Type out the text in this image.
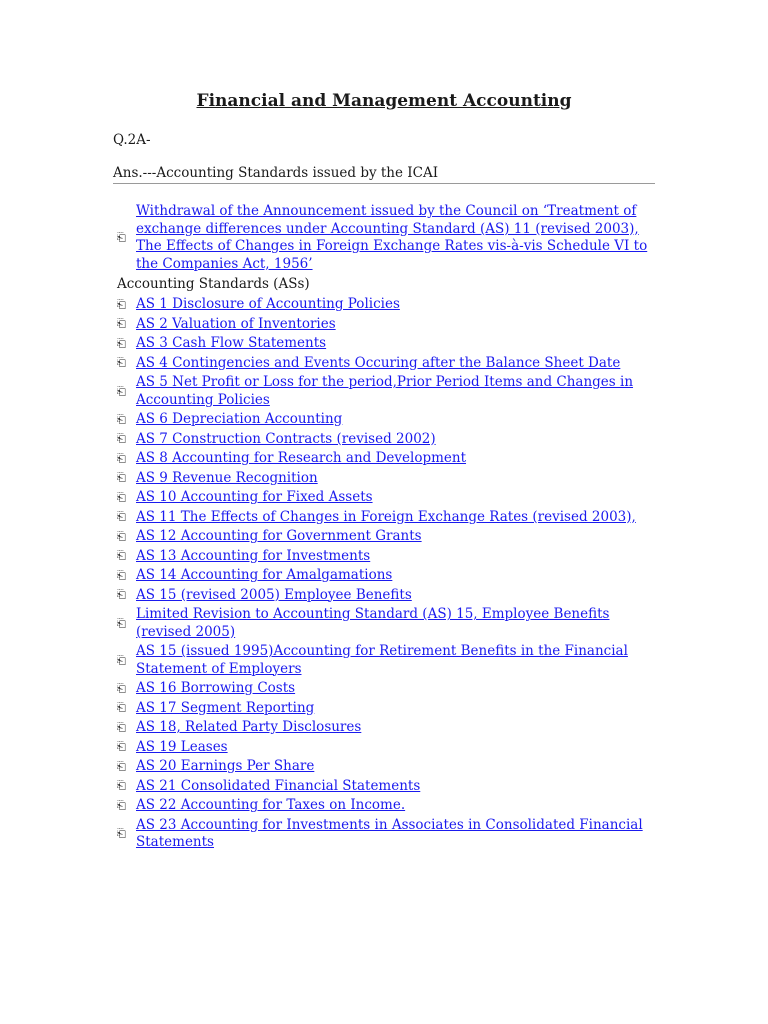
Financial and Management Accounting
Q.2A-
Ans.---Accounting Standards issued by the ICAI
⎗
Withdrawal of the Announcement issued by the Council on ‘Treatment of exchange differences under Accounting Standard (AS) 11 (revised 2003), The Effects of Changes in Foreign Exchange Rates vis-à-vis Schedule VI to the Companies Act, 1956’
Accounting Standards (ASs)
⎗ AS 1 Disclosure of Accounting Policies
⎗ AS 2 Valuation of Inventories
⎗ AS 3 Cash Flow Statements
⎗ AS 4 Contingencies and Events Occuring after the Balance Sheet Date
⎗
AS 5 Net Profit or Loss for the period,Prior Period Items and Changes in Accounting Policies
⎗ AS 6 Depreciation Accounting
⎗ AS 7 Construction Contracts (revised 2002)
⎗ AS 8 Accounting for Research and Development
⎗ AS 9 Revenue Recognition
⎗ AS 10 Accounting for Fixed Assets
⎗ AS 11 The Effects of Changes in Foreign Exchange Rates (revised 2003),
⎗ AS 12 Accounting for Government Grants
⎗ AS 13 Accounting for Investments
⎗ AS 14 Accounting for Amalgamations
⎗ AS 15 (revised 2005) Employee Benefits
⎗
Limited Revision to Accounting Standard (AS) 15, Employee Benefits (revised 2005)
⎗
AS 15 (issued 1995)Accounting for Retirement Benefits in the Financial Statement of Employers
⎗ AS 16 Borrowing Costs
⎗ AS 17 Segment Reporting
⎗ AS 18, Related Party Disclosures
⎗ AS 19 Leases
⎗ AS 20 Earnings Per Share
⎗ AS 21 Consolidated Financial Statements
⎗ AS 22 Accounting for Taxes on Income.
⎗
AS 23 Accounting for Investments in Associates in Consolidated Financial Statements
